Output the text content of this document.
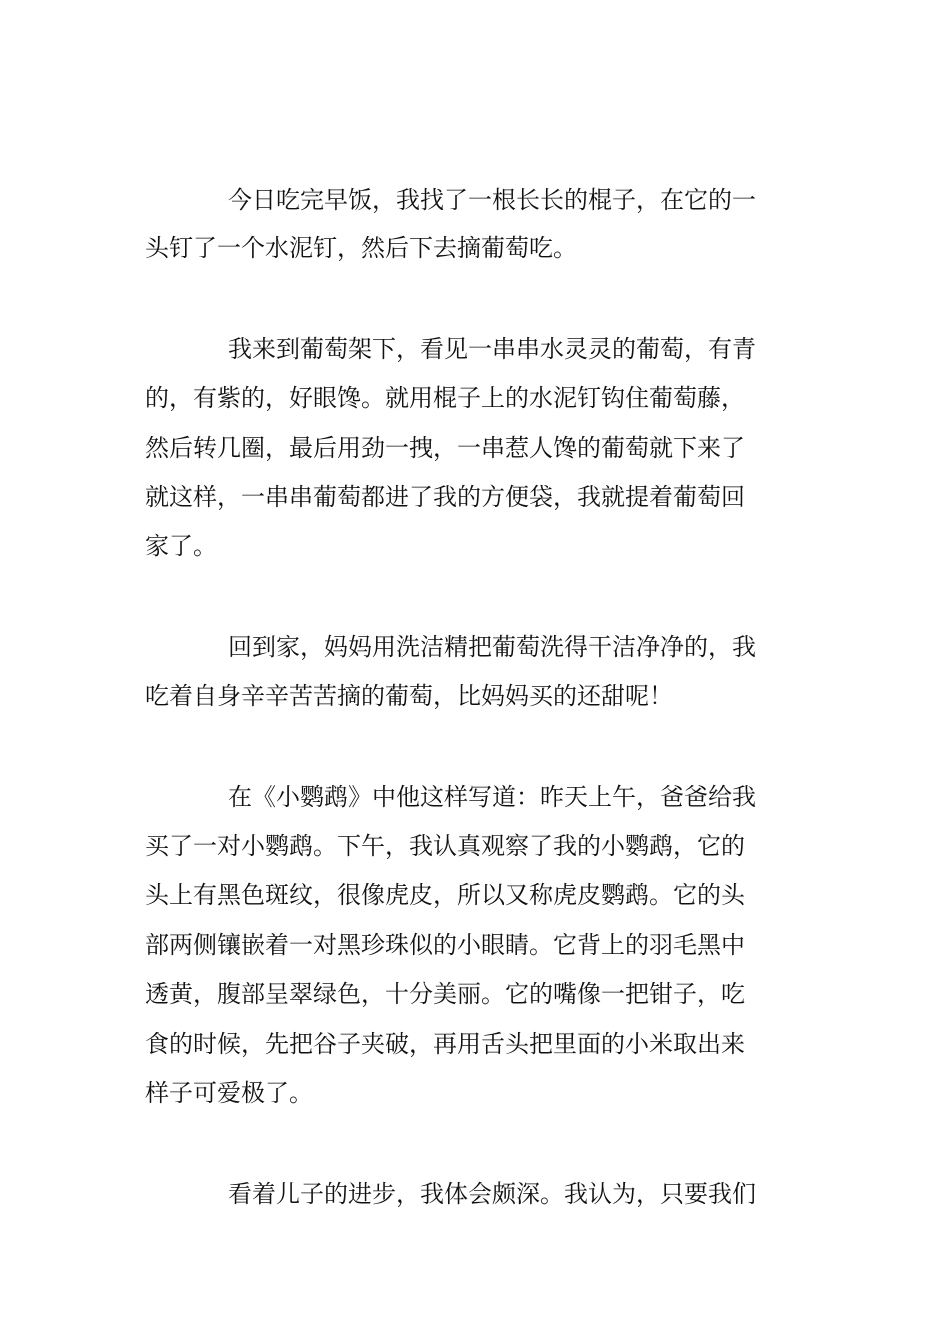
今日吃完早饭，我找了一根长长的棍子，在它的一
头钉了一个水泥钉，然后下去摘葡萄吃。
我来到葡萄架下，看见一串串水灵灵的葡萄，有青
的，有紫的，好眼馋。就用棍子上的水泥钉钩住葡萄藤，
然后转几圈，最后用劲一拽，一串惹人馋的葡萄就下来了
就这样，一串串葡萄都进了我的方便袋，我就提着葡萄回
家了。
回到家，妈妈用洗洁精把葡萄洗得干洁净净的，我
吃着自身辛辛苦苦摘的葡萄，比妈妈买的还甜呢！
在《小鹦鹉》中他这样写道：昨天上午，爸爸给我
买了一对小鹦鹉。下午，我认真观察了我的小鹦鹉，它的
头上有黑色斑纹，很像虎皮，所以又称虎皮鹦鹉。它的头
部两侧镶嵌着一对黑珍珠似的小眼睛。它背上的羽毛黑中
透黄，腹部呈翠绿色，十分美丽。它的嘴像一把钳子，吃
食的时候，先把谷子夹破，再用舌头把里面的小米取出来
样子可爱极了。
看着儿子的进步，我体会颇深。我认为，只要我们
